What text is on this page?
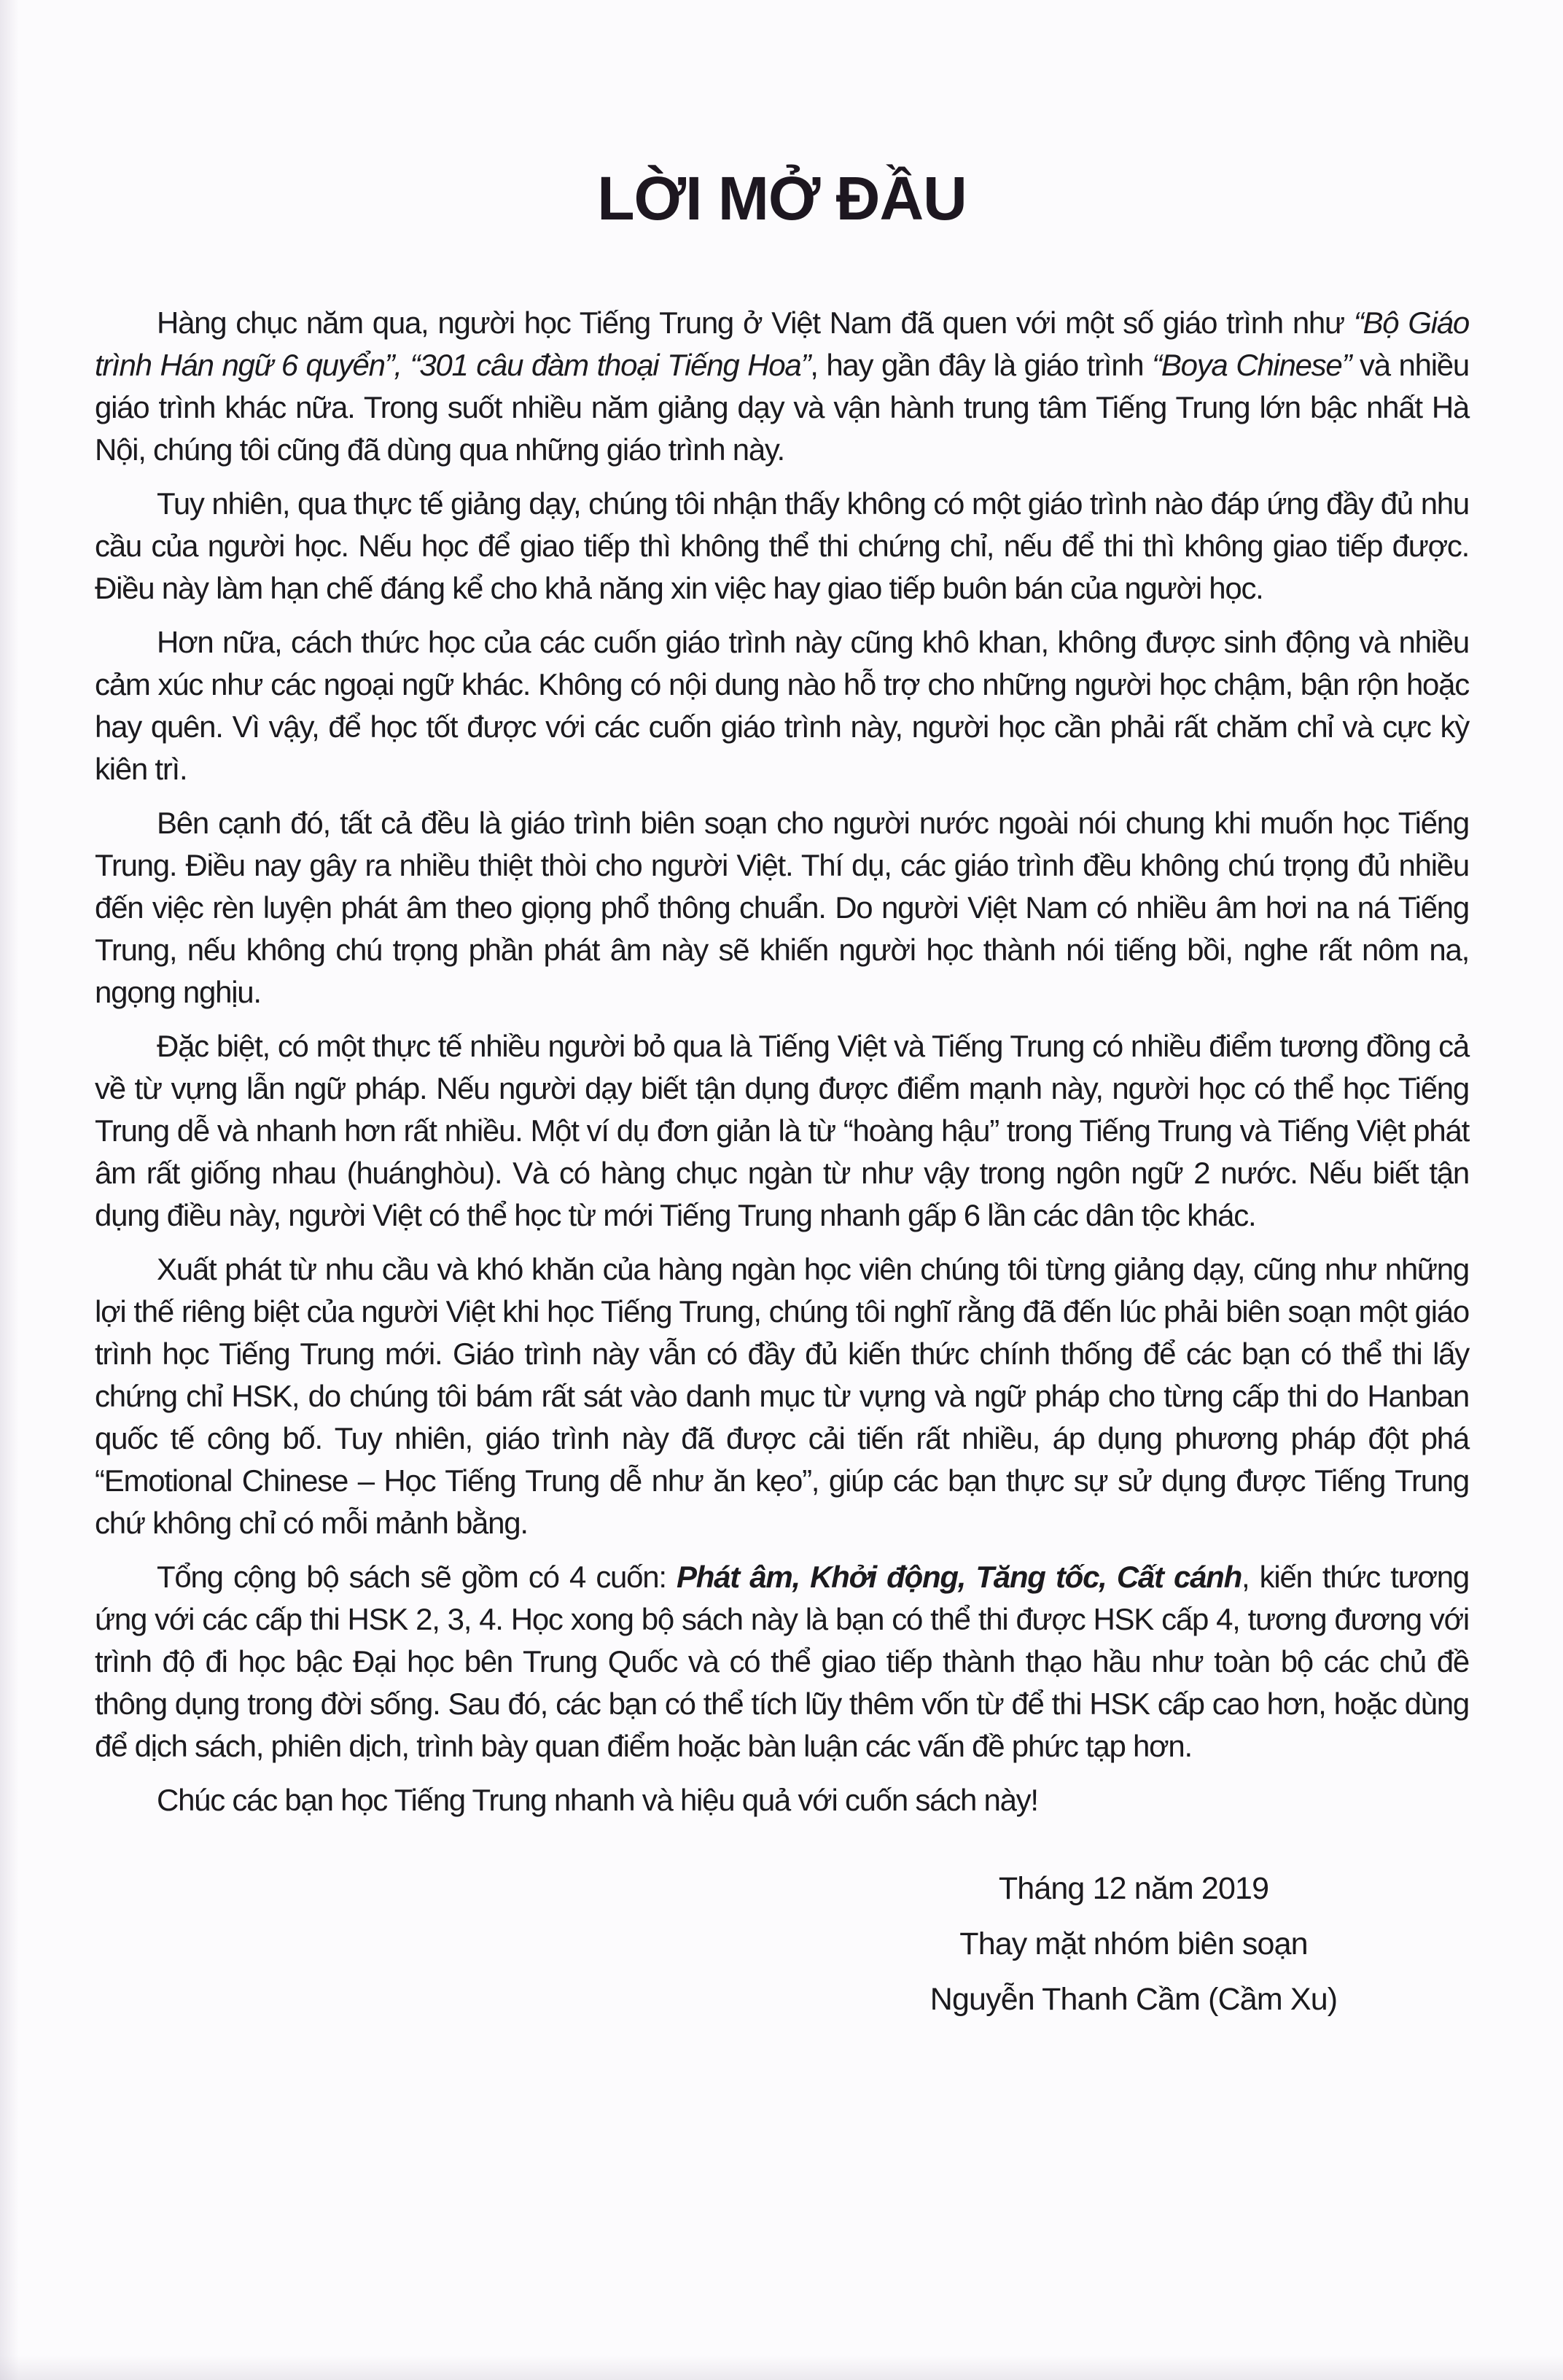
LỜI MỞ ĐẦU

Hàng chục năm qua, người học Tiếng Trung ở Việt Nam đã quen với một số giáo trình như “Bộ Giáo trình Hán ngữ 6 quyển”, “301 câu đàm thoại Tiếng Hoa”, hay gần đây là giáo trình “Boya Chinese” và nhiều giáo trình khác nữa. Trong suốt nhiều năm giảng dạy và vận hành trung tâm Tiếng Trung lớn bậc nhất Hà Nội, chúng tôi cũng đã dùng qua những giáo trình này.

Tuy nhiên, qua thực tế giảng dạy, chúng tôi nhận thấy không có một giáo trình nào đáp ứng đầy đủ nhu cầu của người học. Nếu học để giao tiếp thì không thể thi chứng chỉ, nếu để thi thì không giao tiếp được. Điều này làm hạn chế đáng kể cho khả năng xin việc hay giao tiếp buôn bán của người học.

Hơn nữa, cách thức học của các cuốn giáo trình này cũng khô khan, không được sinh động và nhiều cảm xúc như các ngoại ngữ khác. Không có nội dung nào hỗ trợ cho những người học chậm, bận rộn hoặc hay quên. Vì vậy, để học tốt được với các cuốn giáo trình này, người học cần phải rất chăm chỉ và cực kỳ kiên trì.

Bên cạnh đó, tất cả đều là giáo trình biên soạn cho người nước ngoài nói chung khi muốn học Tiếng Trung. Điều nay gây ra nhiều thiệt thòi cho người Việt. Thí dụ, các giáo trình đều không chú trọng đủ nhiều đến việc rèn luyện phát âm theo giọng phổ thông chuẩn. Do người Việt Nam có nhiều âm hơi na ná Tiếng Trung, nếu không chú trọng phần phát âm này sẽ khiến người học thành nói tiếng bồi, nghe rất nôm na, ngọng nghịu.

Đặc biệt, có một thực tế nhiều người bỏ qua là Tiếng Việt và Tiếng Trung có nhiều điểm tương đồng cả về từ vựng lẫn ngữ pháp. Nếu người dạy biết tận dụng được điểm mạnh này, người học có thể học Tiếng Trung dễ và nhanh hơn rất nhiều. Một ví dụ đơn giản là từ “hoàng hậu” trong Tiếng Trung và Tiếng Việt phát âm rất giống nhau (huánghòu). Và có hàng chục ngàn từ như vậy trong ngôn ngữ 2 nước. Nếu biết tận dụng điều này, người Việt có thể học từ mới Tiếng Trung nhanh gấp 6 lần các dân tộc khác.

Xuất phát từ nhu cầu và khó khăn của hàng ngàn học viên chúng tôi từng giảng dạy, cũng như những lợi thế riêng biệt của người Việt khi học Tiếng Trung, chúng tôi nghĩ rằng đã đến lúc phải biên soạn một giáo trình học Tiếng Trung mới. Giáo trình này vẫn có đầy đủ kiến thức chính thống để các bạn có thể thi lấy chứng chỉ HSK, do chúng tôi bám rất sát vào danh mục từ vựng và ngữ pháp cho từng cấp thi do Hanban quốc tế công bố. Tuy nhiên, giáo trình này đã được cải tiến rất nhiều, áp dụng phương pháp đột phá “Emotional Chinese – Học Tiếng Trung dễ như ăn kẹo”, giúp các bạn thực sự sử dụng được Tiếng Trung chứ không chỉ có mỗi mảnh bằng.

Tổng cộng bộ sách sẽ gồm có 4 cuốn: Phát âm, Khởi động, Tăng tốc, Cất cánh, kiến thức tương ứng với các cấp thi HSK 2, 3, 4. Học xong bộ sách này là bạn có thể thi được HSK cấp 4, tương đương với trình độ đi học bậc Đại học bên Trung Quốc và có thể giao tiếp thành thạo hầu như toàn bộ các chủ đề thông dụng trong đời sống. Sau đó, các bạn có thể tích lũy thêm vốn từ để thi HSK cấp cao hơn, hoặc dùng để dịch sách, phiên dịch, trình bày quan điểm hoặc bàn luận các vấn đề phức tạp hơn.

Chúc các bạn học Tiếng Trung nhanh và hiệu quả với cuốn sách này!

Tháng 12 năm 2019
Thay mặt nhóm biên soạn
Nguyễn Thanh Cầm (Cầm Xu)
